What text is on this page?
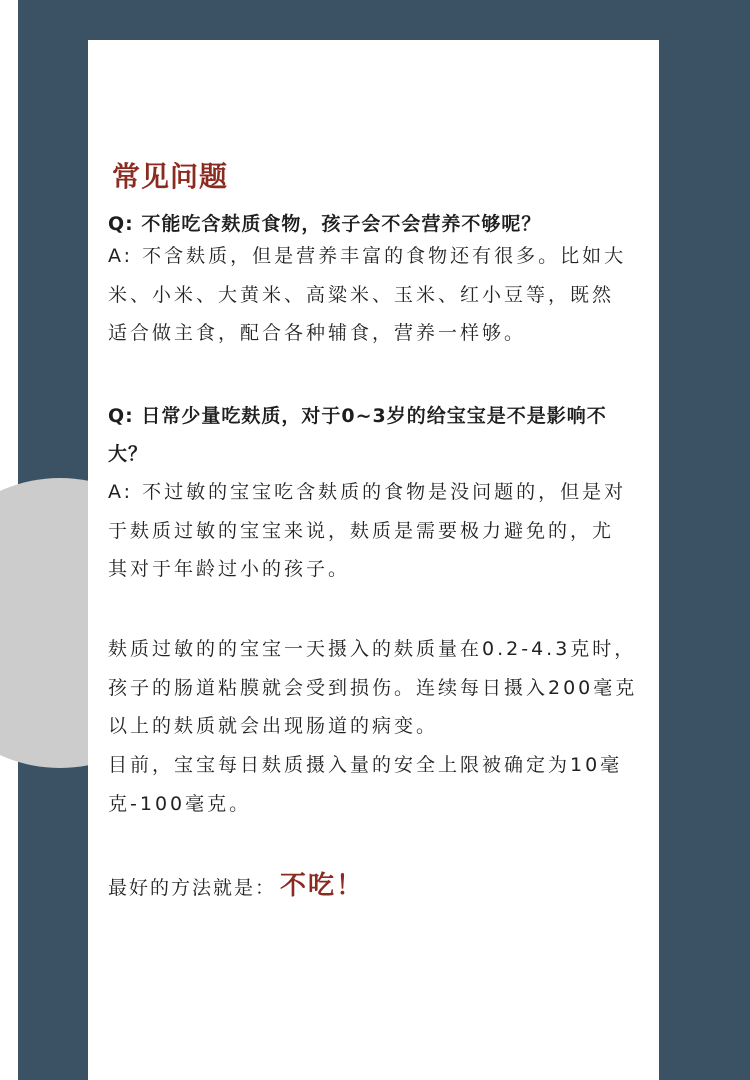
常见问题
Q: 不能吃含麸质食物，孩子会不会营养不够呢？
A: 不含麸质，但是营养丰富的食物还有很多。比如大米、小米、大黄米、高粱米、玉米、红小豆等，既然适合做主食，配合各种辅食，营养一样够。
Q: 日常少量吃麸质，对于0~3岁的给宝宝是不是影响不大？
A: 不过敏的宝宝吃含麸质的食物是没问题的，但是对于麸质过敏的宝宝来说，麸质是需要极力避免的，尤其对于年龄过小的孩子。
麸质过敏的的宝宝一天摄入的麸质量在0.2-4.3克时，孩子的肠道粘膜就会受到损伤。连续每日摄入200毫克以上的麸质就会出现肠道的病变。
目前，宝宝每日麸质摄入量的安全上限被确定为10毫克-100毫克。
最好的方法就是： 不吃！
